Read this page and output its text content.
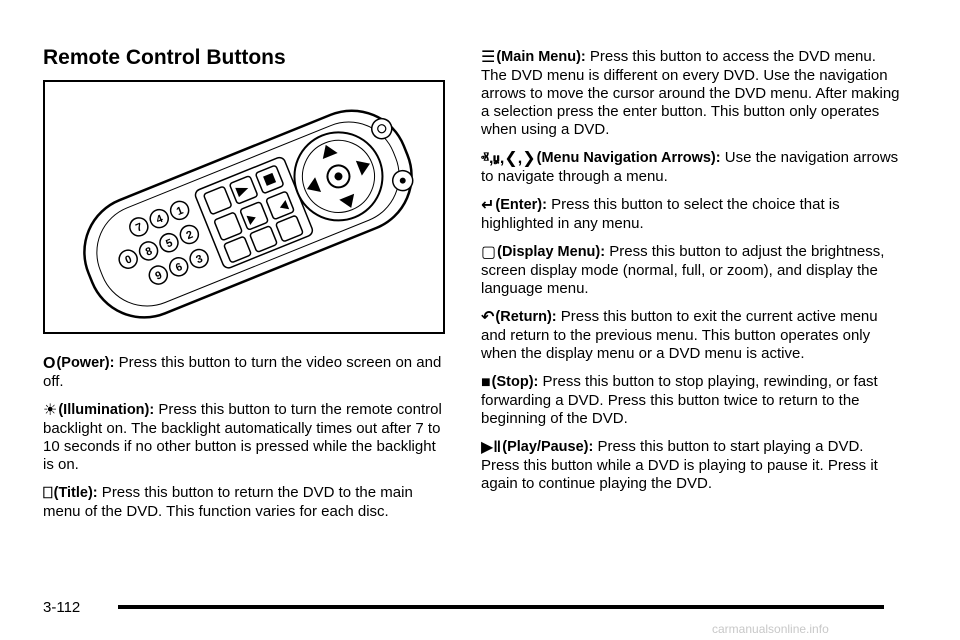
Remote Control Buttons
1
2
3
4
5
6
7
8
9
0

O(Power): Press this button to turn the video screen on and off.

☀(Illumination): Press this button to turn the remote control backlight on. The backlight automatically times out after 7 to 10 seconds if no other button is pressed while the backlight is on.

⎕(Title): Press this button to return the DVD to the main menu of the DVD. This function varies for each disc.

☰(Main Menu): Press this button to access the DVD menu. The DVD menu is different on every DVD. Use the navigation arrows to move the cursor around the DVD menu. After making a selection press the enter button. This button only operates when using a DVD.

ⱏ,ⱟ,❮,❯(Menu Navigation Arrows): Use the navigation arrows to navigate through a menu.

↵(Enter): Press this button to select the choice that is highlighted in any menu.

▢(Display Menu): Press this button to adjust the brightness, screen display mode (normal, full, or zoom), and display the language menu.

↶(Return): Press this button to exit the current active menu and return to the previous menu. This button operates only when the display menu or a DVD menu is active.

■(Stop): Press this button to stop playing, rewinding, or fast forwarding a DVD. Press this button twice to return to the beginning of the DVD.

▶‖(Play/Pause): Press this button to start playing a DVD. Press this button while a DVD is playing to pause it. Press it again to continue playing the DVD.

3-112
carmanualsonline.info
